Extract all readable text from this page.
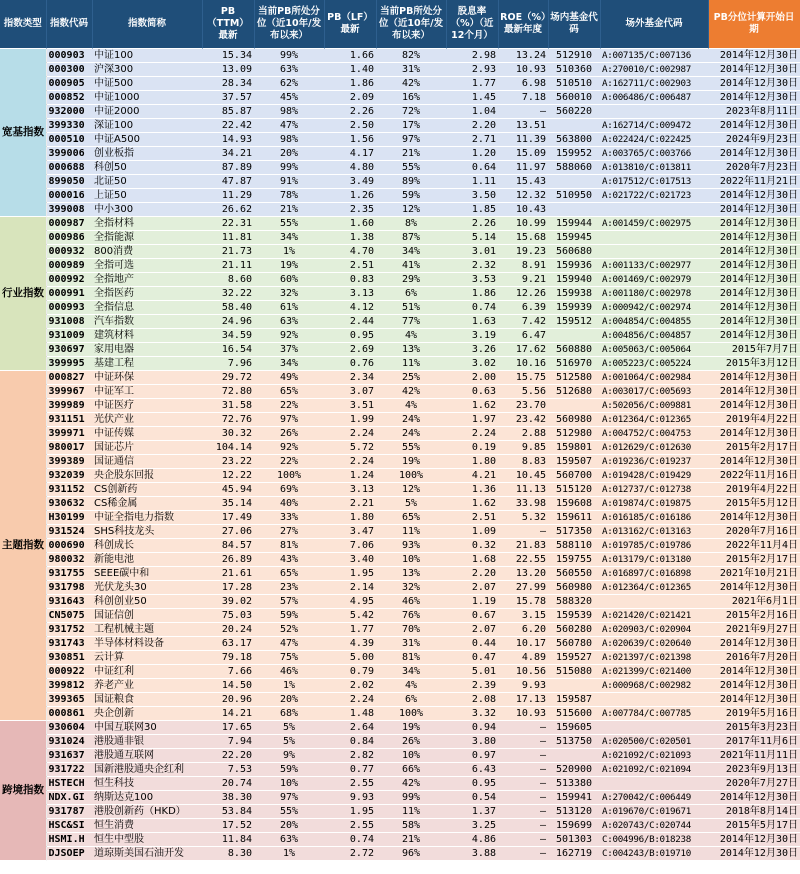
指数类型	指数代码	指数简称	PB（TTM）最新	当前PB所处分位（近10年/发布以来）	PB（LF）最新	当前PB所处分位（近10年/发布以来）	股息率（%）（近12个月）	ROE（%）最新年度	场内基金代码	场外基金代码	PB分位计算开始日期
宽基指数	000903	中证100	15.34	99%	1.66	82%	2.98	13.24	512910	A:007135/C:007136	2014年12月30日
	000300	沪深300	13.09	63%	1.40	31%	2.93	10.93	510360	A:270010/C:002987	2014年12月30日
	000905	中证500	28.34	62%	1.86	42%	1.77	6.98	510510	A:162711/C:002903	2014年12月30日
	000852	中证1000	37.57	45%	2.09	16%	1.45	7.18	560010	A:006486/C:006487	2014年12月30日
	932000	中证2000	85.87	98%	2.26	72%	1.04	–	560220		2023年8月11日
	399330	深证100	22.42	47%	2.50	17%	2.20	13.51		A:162714/C:009472	2014年12月30日
	000510	中证A500	14.93	98%	1.56	97%	2.71	11.39	563800	A:022424/C:022425	2024年9月23日
	399006	创业板指	34.21	20%	4.17	21%	1.20	15.09	159952	A:003765/C:003766	2014年12月30日
	000688	科创50	87.89	99%	4.80	55%	0.64	11.97	588060	A:013810/C:013811	2020年7月23日
	899050	北证50	47.87	91%	3.49	89%	1.11	15.43		A:017512/C:017513	2022年11月21日
	000016	上证50	11.29	78%	1.26	59%	3.50	12.32	510950	A:021722/C:021723	2014年12月30日
	399008	中小300	26.62	21%	2.35	12%	1.85	10.43			2014年12月30日
行业指数	000987	全指材料	22.31	55%	1.60	8%	2.26	10.99	159944	A:001459/C:002975	2014年12月30日
	000986	全指能源	11.81	34%	1.38	87%	5.14	15.68	159945		2014年12月30日
	000932	800消费	21.73	1%	4.70	34%	3.01	19.23	560680		2014年12月30日
	000989	全指可选	21.11	19%	2.51	41%	2.32	8.91	159936	A:001133/C:002977	2014年12月30日
	000992	全指地产	8.60	60%	0.83	29%	3.53	9.21	159940	A:001469/C:002979	2014年12月30日
	000991	全指医药	32.22	32%	3.13	6%	1.86	12.26	159938	A:001180/C:002978	2014年12月30日
	000993	全指信息	58.40	61%	4.12	51%	0.74	6.39	159939	A:000942/C:002974	2014年12月30日
	931008	汽车指数	24.96	63%	2.44	77%	1.63	7.42	159512	A:004854/C:004855	2014年12月30日
	931009	建筑材料	34.59	92%	0.95	4%	3.19	6.47		A:004856/C:004857	2014年12月30日
	930697	家用电器	16.54	37%	2.69	13%	3.26	17.62	560880	A:005063/C:005064	2015年7月7日
	399995	基建工程	7.96	34%	0.76	11%	3.02	10.16	516970	A:005223/C:005224	2015年3月12日
主题指数	000827	中证环保	29.72	49%	2.34	25%	2.00	15.75	512580	A:001064/C:002984	2014年12月30日
	399967	中证军工	72.80	65%	3.07	42%	0.63	5.56	512680	A:003017/C:005693	2014年12月30日
	399989	中证医疗	31.58	22%	3.51	4%	1.62	23.70		A:502056/C:009881	2014年12月30日
	931151	光伏产业	72.76	97%	1.99	24%	1.97	23.42	560980	A:012364/C:012365	2019年4月22日
	399971	中证传媒	30.32	26%	2.24	24%	2.24	2.88	512980	A:004752/C:004753	2014年12月30日
	980017	国证芯片	104.14	92%	5.72	55%	0.19	9.85	159801	A:012629/C:012630	2015年2月17日
	399389	国证通信	23.22	22%	2.24	19%	1.80	8.83	159507	A:019236/C:019237	2014年12月30日
	932039	央企股东回报	12.22	100%	1.24	100%	4.21	10.45	560700	A:019428/C:019429	2022年11月16日
	931152	CS创新药	45.94	69%	3.13	12%	1.36	11.13	515120	A:012737/C:012738	2019年4月22日
	930632	CS稀金属	35.14	40%	2.21	5%	1.62	33.98	159608	A:019874/C:019875	2015年5月12日
	H30199	中证全指电力指数	17.49	33%	1.80	65%	2.51	5.32	159611	A:016185/C:016186	2014年12月30日
	931524	SHS科技龙头	27.06	27%	3.47	11%	1.09	–	517350	A:013162/C:013163	2020年7月16日
	000690	科创成长	84.57	81%	7.06	93%	0.32	21.83	588110	A:019785/C:019786	2022年11月4日
	980032	新能电池	26.89	43%	3.40	10%	1.68	22.55	159755	A:013179/C:013180	2015年2月17日
	931755	SEEE碳中和	21.61	65%	1.95	13%	2.20	13.20	560550	A:016897/C:016898	2021年10月21日
	931798	光伏龙头30	17.28	23%	2.14	32%	2.07	27.99	560980	A:012364/C:012365	2014年12月30日
	931643	科创创业50	39.02	57%	4.95	46%	1.19	15.78	588320		2021年6月1日
	CN5075	国证信创	75.03	59%	5.42	76%	0.67	3.15	159539	A:021420/C:021421	2015年2月16日
	931752	工程机械主题	20.24	52%	1.77	70%	2.07	6.20	560280	A:020903/C:020904	2021年9月27日
	931743	半导体材料设备	63.17	47%	4.39	31%	0.44	10.17	560780	A:020639/C:020640	2014年12月30日
	930851	云计算	79.18	75%	5.00	81%	0.47	4.89	159527	A:021397/C:021398	2016年7月20日
	000922	中证红利	7.66	46%	0.79	34%	5.01	10.56	515080	A:021399/C:021400	2014年12月30日
	399812	养老产业	14.50	1%	2.02	4%	2.39	9.93		A:000968/C:002982	2014年12月30日
	399365	国证粮食	20.96	20%	2.24	6%	2.08	17.13	159587		2014年12月30日
	000861	央企创新	14.21	68%	1.48	100%	3.32	10.93	515600	A:007784/C:007785	2019年5月16日
跨境指数	930604	中国互联网30	17.65	5%	2.64	19%	0.94	–	159605		2015年3月23日
	931024	港股通非银	7.94	5%	0.84	26%	3.80	–	513750	A:020500/C:020501	2017年11月6日
	931637	港股通互联网	22.20	9%	2.82	10%	0.97	–		A:021092/C:021093	2021年11月11日
	931722	国新港股通央企红利	7.53	59%	0.77	66%	6.43	–	520900	A:021092/C:021094	2023年9月13日
	HSTECH	恒生科技	20.74	10%	2.55	42%	0.95	–	513380		2020年7月27日
	NDX.GI	纳斯达克100	38.30	97%	9.93	99%	0.54	–	159941	A:270042/C:006449	2014年12月30日
	931787	港股创新药（HKD）	53.84	55%	1.95	11%	1.37	–	513120	A:019670/C:019671	2018年8月14日
	HSC&SI	恒生消费	17.52	20%	2.55	58%	3.25	–	159699	A:020743/C:020744	2015年5月17日
	HSMI.H	恒生中型股	11.84	63%	0.74	21%	4.86	–	501303	C:004996/B:018238	2014年12月30日
	DJSOEP	道琼斯美国石油开发	8.30	1%	2.72	96%	3.88	–	162719	C:004243/B:019710	2014年12月30日
